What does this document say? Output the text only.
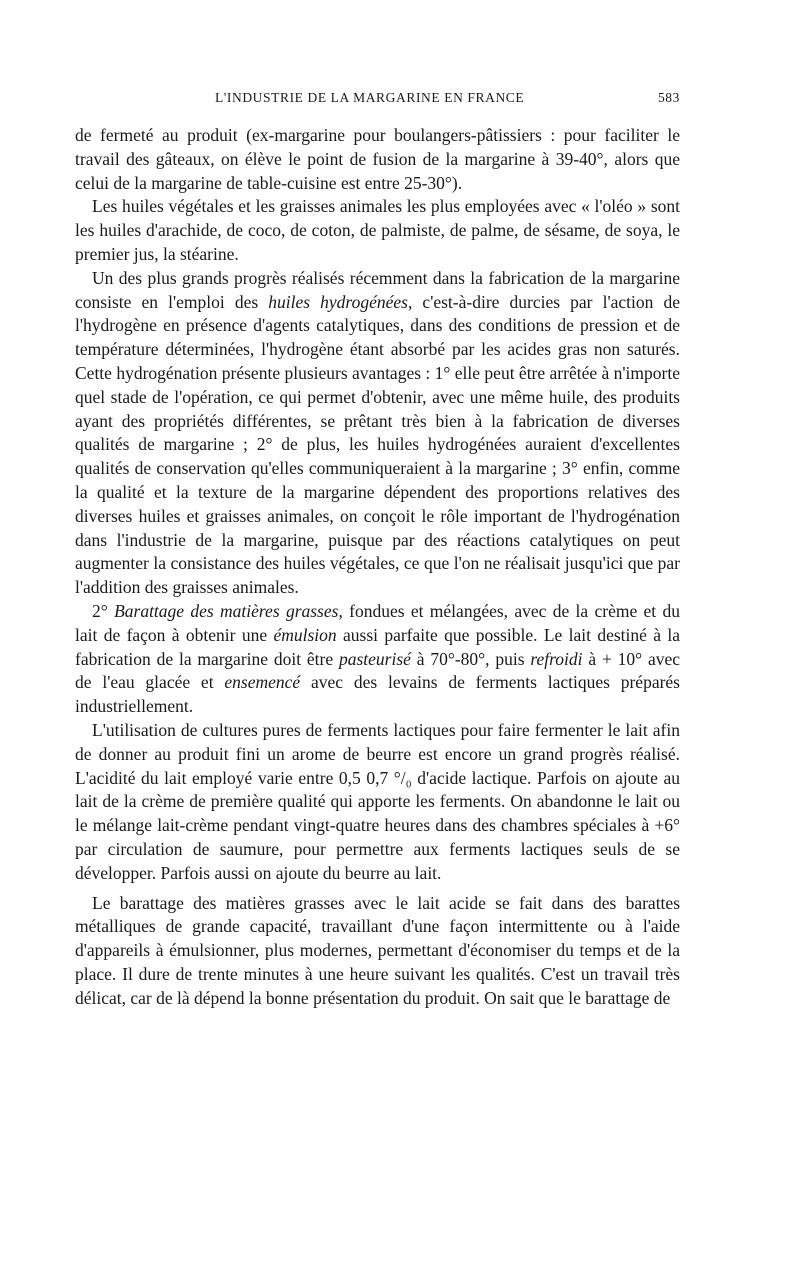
L'INDUSTRIE DE LA MARGARINE EN FRANCE	583

de fermeté au produit (ex-margarine pour boulangers-pâtissiers : pour faciliter le travail des gâteaux, on élève le point de fusion de la margarine à 39-40°, alors que celui de la margarine de table-cuisine est entre 25-30°).

Les huiles végétales et les graisses animales les plus employées avec « l'oléo » sont les huiles d'arachide, de coco, de coton, de palmiste, de palme, de sésame, de soya, le premier jus, la stéarine.

Un des plus grands progrès réalisés récemment dans la fabrication de la margarine consiste en l'emploi des huiles hydrogénées, c'est-à-dire durcies par l'action de l'hydrogène en présence d'agents catalytiques, dans des conditions de pression et de température déterminées, l'hydrogène étant absorbé par les acides gras non saturés. Cette hydrogénation présente plusieurs avantages : 1° elle peut être arrêtée à n'importe quel stade de l'opération, ce qui permet d'obtenir, avec une même huile, des produits ayant des propriétés différentes, se prêtant très bien à la fabrication de diverses qualités de margarine ; 2° de plus, les huiles hydrogénées auraient d'excellentes qualités de conservation qu'elles communiqueraient à la margarine ; 3° enfin, comme la qualité et la texture de la margarine dépendent des proportions relatives des diverses huiles et graisses animales, on conçoit le rôle important de l'hydrogénation dans l'industrie de la margarine, puisque par des réactions catalytiques on peut augmenter la consistance des huiles végétales, ce que l'on ne réalisait jusqu'ici que par l'addition des graisses animales.

2° Barattage des matières grasses, fondues et mélangées, avec de la crème et du lait de façon à obtenir une émulsion aussi parfaite que possible. Le lait destiné à la fabrication de la margarine doit être pasteurisé à 70°-80°, puis refroidi à + 10° avec de l'eau glacée et ensemencé avec des levains de ferments lactiques préparés industriellement.

L'utilisation de cultures pures de ferments lactiques pour faire fermenter le lait afin de donner au produit fini un arome de beurre est encore un grand progrès réalisé. L'acidité du lait employé varie entre 0,5 0,7 °/₀ d'acide lactique. Parfois on ajoute au lait de la crème de première qualité qui apporte les ferments. On abandonne le lait ou le mélange lait-crème pendant vingt-quatre heures dans des chambres spéciales à +6° par circulation de saumure, pour permettre aux ferments lactiques seuls de se développer. Parfois aussi on ajoute du beurre au lait.

Le barattage des matières grasses avec le lait acide se fait dans des barattes métalliques de grande capacité, travaillant d'une façon intermittente ou à l'aide d'appareils à émulsionner, plus modernes, permettant d'économiser du temps et de la place. Il dure de trente minutes à une heure suivant les qualités. C'est un travail très délicat, car de là dépend la bonne présentation du produit. On sait que le barattage de
